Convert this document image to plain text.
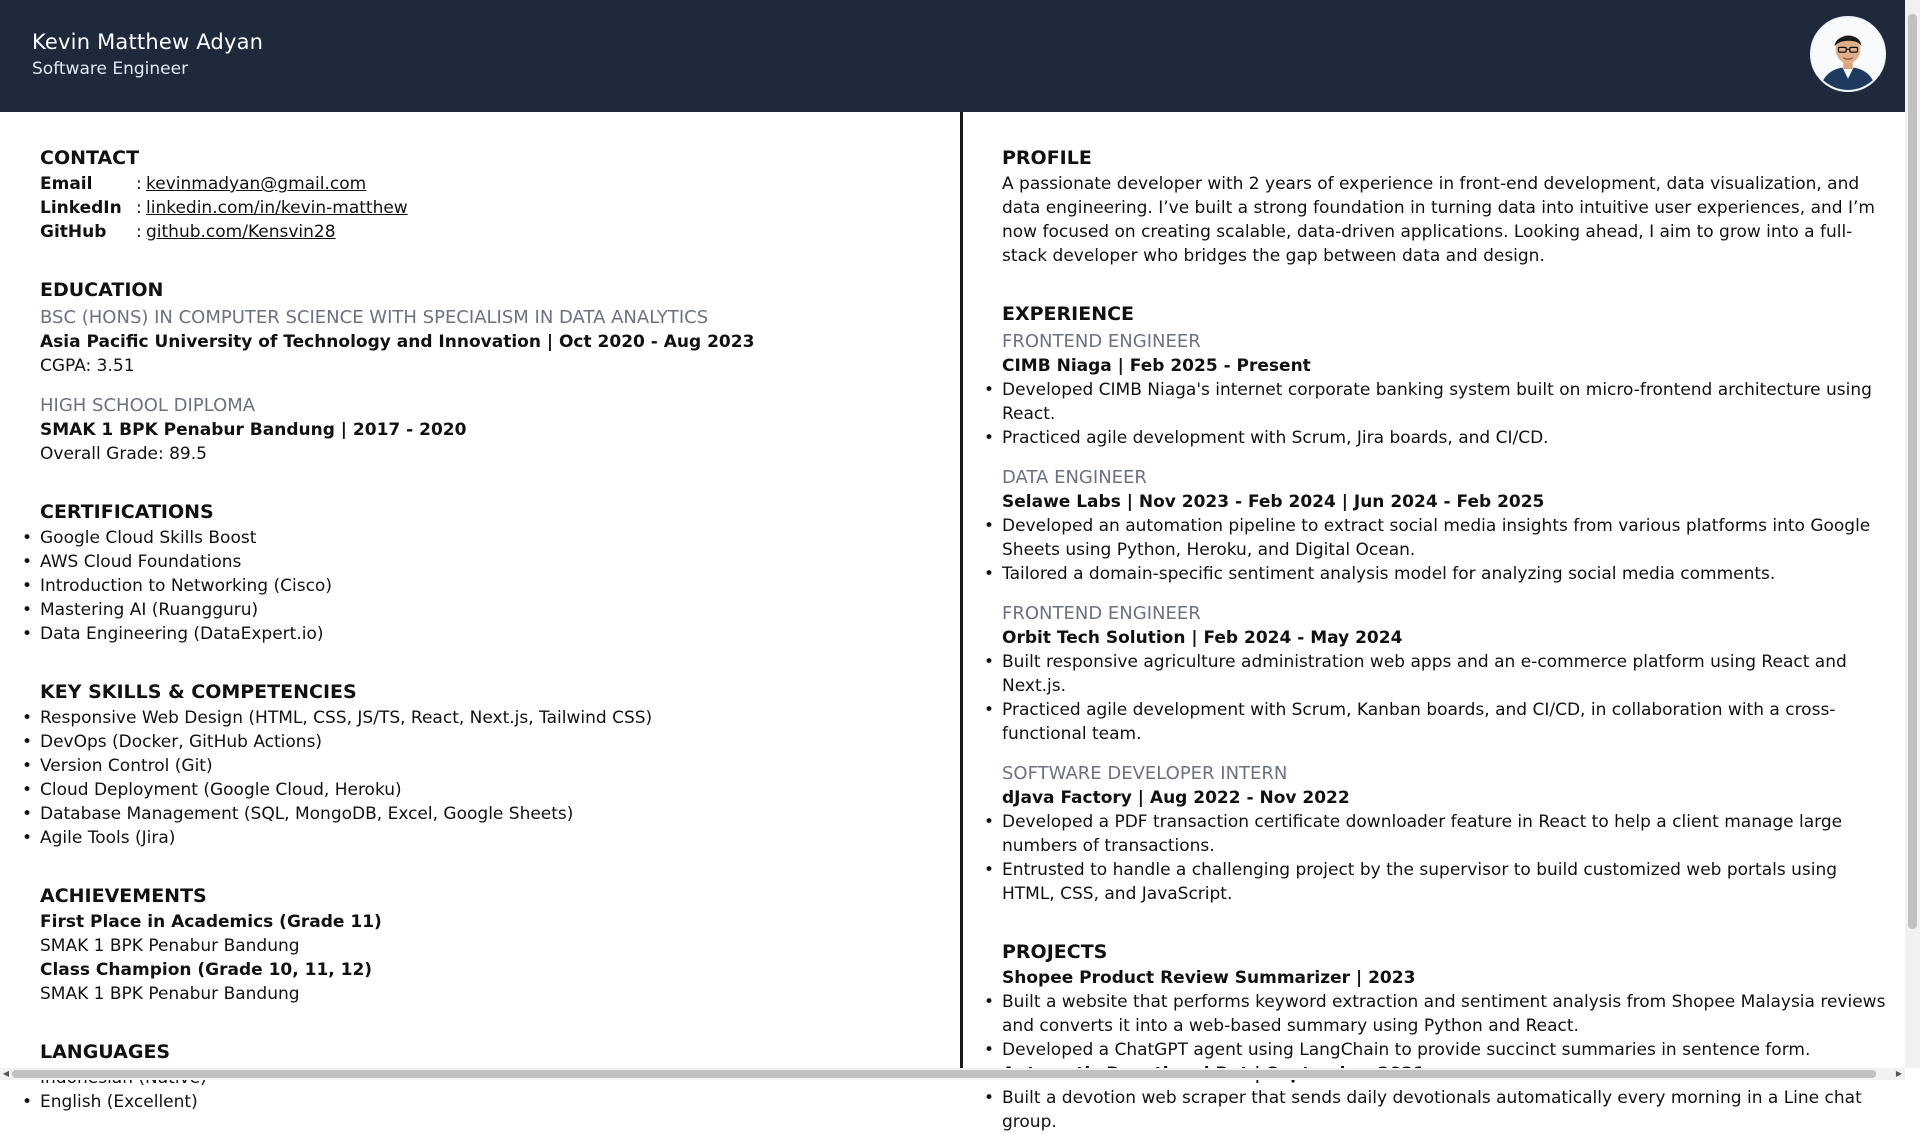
Kevin Matthew Adyan
Software Engineer
CONTACT
Email	: kevinmadyan@gmail.com
LinkedIn : linkedin.com/in/kevin-matthew
GitHub	: github.com/Kensvin28
EDUCATION
BSC (HONS) IN COMPUTER SCIENCE WITH SPECIALISM IN DATA ANALYTICS
Asia Pacific University of Technology and Innovation | Oct 2020 - Aug 2023
CGPA: 3.51
HIGH SCHOOL DIPLOMA
SMAK 1 BPK Penabur Bandung | 2017 - 2020
Overall Grade: 89.5
CERTIFICATIONS
• Google Cloud Skills Boost
• AWS Cloud Foundations
• Introduction to Networking (Cisco)
• Mastering AI (Ruangguru)
• Data Engineering (DataExpert.io)
KEY SKILLS & COMPETENCIES
• Responsive Web Design (HTML, CSS, JS/TS, React, Next.js, Tailwind CSS)
• DevOps (Docker, GitHub Actions)
• Version Control (Git)
• Cloud Deployment (Google Cloud, Heroku)
• Database Management (SQL, MongoDB, Excel, Google Sheets)
• Agile Tools (Jira)
ACHIEVEMENTS
First Place in Academics (Grade 11)
SMAK 1 BPK Penabur Bandung
Class Champion (Grade 10, 11, 12)
SMAK 1 BPK Penabur Bandung
LANGUAGES
•
• English (Excellent)
PROFILE
A passionate developer with 2 years of experience in front-end development, data visualization, and data engineering. I’ve built a strong foundation in turning data into intuitive user experiences, and I’m now focused on creating scalable, data-driven applications. Looking ahead, I aim to grow into a full-stack developer who bridges the gap between data and design.
EXPERIENCE
FRONTEND ENGINEER
CIMB Niaga | Feb 2025 - Present
• Developed CIMB Niaga's internet corporate banking system built on micro-frontend architecture using React.
• Practiced agile development with Scrum, Jira boards, and CI/CD.
DATA ENGINEER
Selawe Labs | Nov 2023 - Feb 2024 | Jun 2024 - Feb 2025
• Developed an automation pipeline to extract social media insights from various platforms into Google Sheets using Python, Heroku, and Digital Ocean.
• Tailored a domain-specific sentiment analysis model for analyzing social media comments.
FRONTEND ENGINEER
Orbit Tech Solution | Feb 2024 - May 2024
• Built responsive agriculture administration web apps and an e-commerce platform using React and Next.js.
• Practiced agile development with Scrum, Kanban boards, and CI/CD, in collaboration with a cross-functional team.
SOFTWARE DEVELOPER INTERN
dJava Factory | Aug 2022 - Nov 2022
• Developed a PDF transaction certificate downloader feature in React to help a client manage large numbers of transactions.
• Entrusted to handle a challenging project by the supervisor to build customized web portals using HTML, CSS, and JavaScript.
PROJECTS
Shopee Product Review Summarizer | 2023
• Built a website that performs keyword extraction and sentiment analysis from Shopee Malaysia reviews and converts it into a web-based summary using Python and React.
• Developed a ChatGPT agent using LangChain to provide succinct summaries in sentence form.
• Built a devotion web scraper that sends daily devotionals automatically every morning in a Line chat group.
◀	▶
